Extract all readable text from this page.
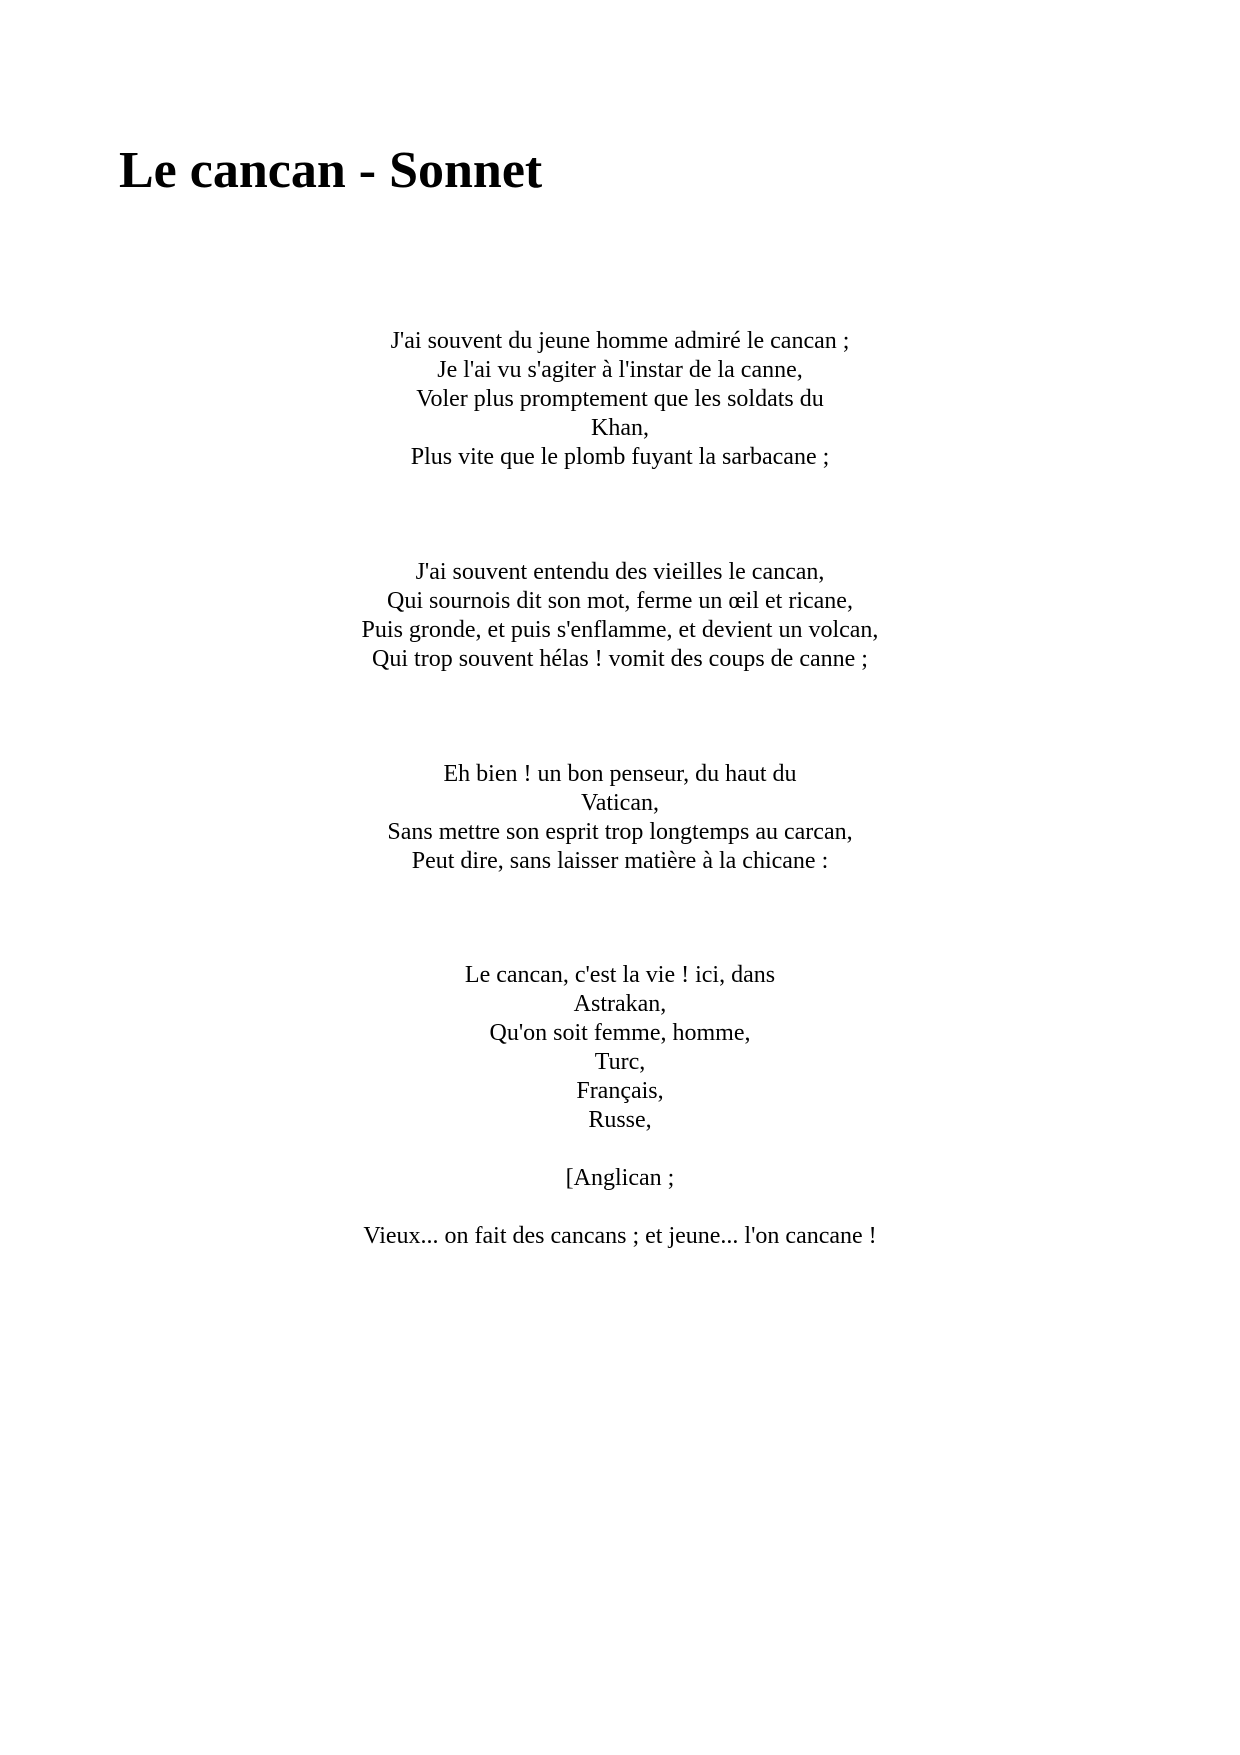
Le cancan - Sonnet
J'ai souvent du jeune homme admiré le cancan ;
Je l'ai vu s'agiter à l'instar de la canne,
Voler plus promptement que les soldats du
Khan,
Plus vite que le plomb fuyant la sarbacane ;
J'ai souvent entendu des vieilles le cancan,
Qui sournois dit son mot, ferme un œil et ricane,
Puis gronde, et puis s'enflamme, et devient un volcan,
Qui trop souvent hélas ! vomit des coups de canne ;
Eh bien ! un bon penseur, du haut du
Vatican,
Sans mettre son esprit trop longtemps au carcan,
Peut dire, sans laisser matière à la chicane :
Le cancan, c'est la vie ! ici, dans
Astrakan,
Qu'on soit femme, homme,
Turc,
Français,
Russe,
[Anglican ;
Vieux... on fait des cancans ; et jeune... l'on cancane !
